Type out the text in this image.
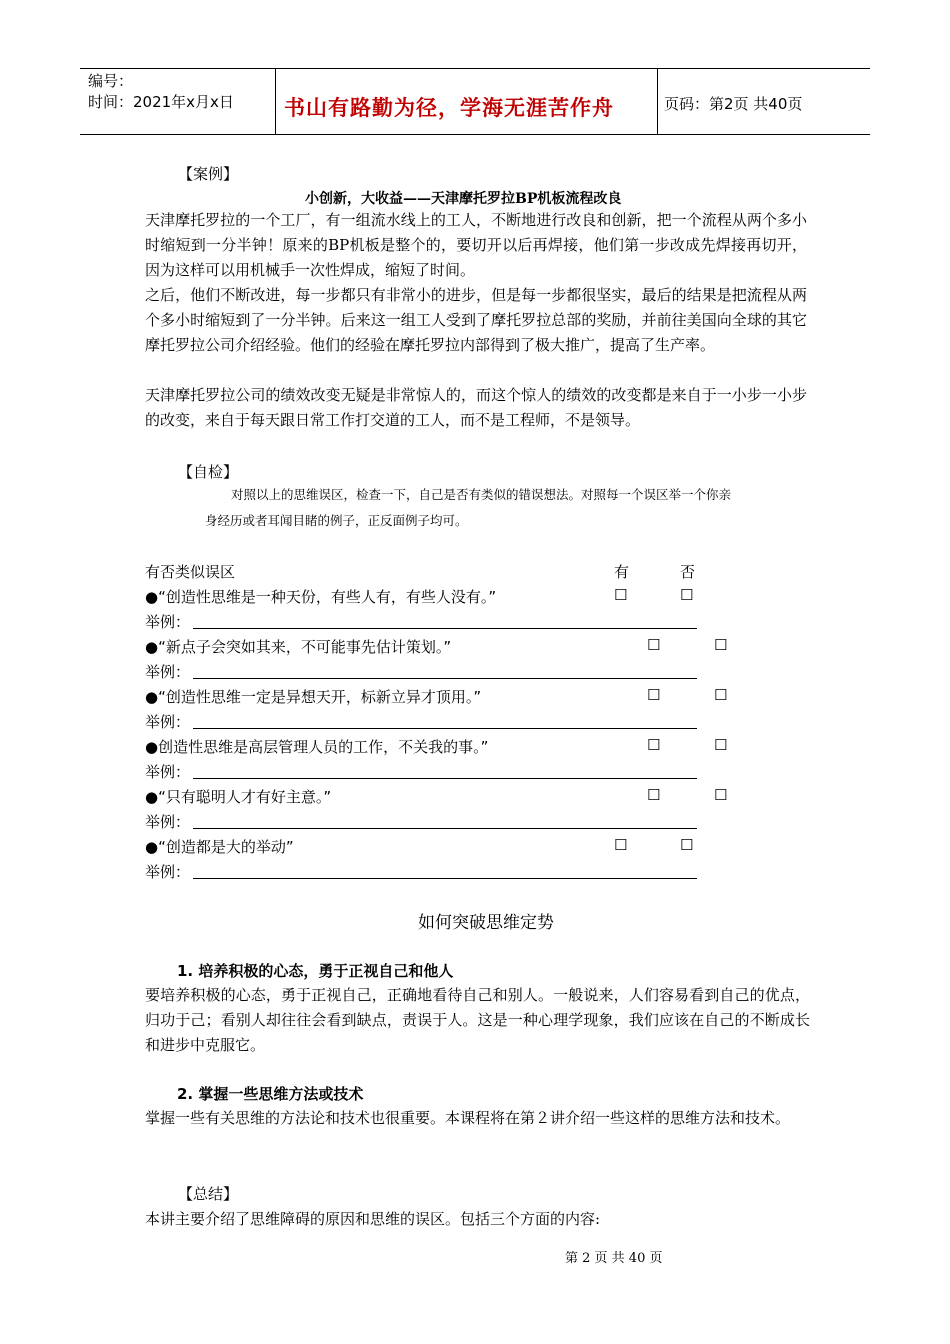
编号：
时间：2021年x月x日 书山有路勤为径，学海无涯苦作舟	页码：第2页 共40页
【案例】
小创新，大收益——天津摩托罗拉BP机板流程改良
天津摩托罗拉的一个工厂，有一组流水线上的工人，不断地进行改良和创新，把一个流程从两个多小时缩短到一分半钟！原来的BP机板是整个的，要切开以后再焊接，他们第一步改成先焊接再切开，因为这样可以用机械手一次性焊成，缩短了时间。
之后，他们不断改进，每一步都只有非常小的进步，但是每一步都很坚实，最后的结果是把流程从两个多小时缩短到了一分半钟。后来这一组工人受到了摩托罗拉总部的奖励，并前往美国向全球的其它摩托罗拉公司介绍经验。他们的经验在摩托罗拉内部得到了极大推广，提高了生产率。
天津摩托罗拉公司的绩效改变无疑是非常惊人的，而这个惊人的绩效的改变都是来自于一小步一小步的改变，来自于每天跟日常工作打交道的工人，而不是工程师，不是领导。
【自检】
对照以上的思维误区，检查一下，自己是否有类似的错误想法。对照每一个误区举一个你亲
身经历或者耳闻目睹的例子，正反面例子均可。
有否类似误区	有	否
●“创造性思维是一种天份，有些人有，有些人没有。”	☐	☐
举例：
●“新点子会突如其来，不可能事先估计策划。”	☐	☐
举例：
●“创造性思维一定是异想天开，标新立异才顶用。”	☐	☐
举例：
●创造性思维是高层管理人员的工作，不关我的事。”	☐	☐
举例：
●“只有聪明人才有好主意。”	☐	☐
举例：
●“创造都是大的举动”	☐	☐
举例：
如何突破思维定势
1. 培养积极的心态，勇于正视自己和他人
要培养积极的心态，勇于正视自己，正确地看待自己和别人。一般说来，人们容易看到自己的优点，归功于己；看别人却往往会看到缺点，责误于人。这是一种心理学现象，我们应该在自己的不断成长和进步中克服它。
2. 掌握一些思维方法或技术
掌握一些有关思维的方法论和技术也很重要。本课程将在第２讲介绍一些这样的思维方法和技术。
【总结】
本讲主要介绍了思维障碍的原因和思维的误区。包括三个方面的内容:
第 2 页 共 40 页
